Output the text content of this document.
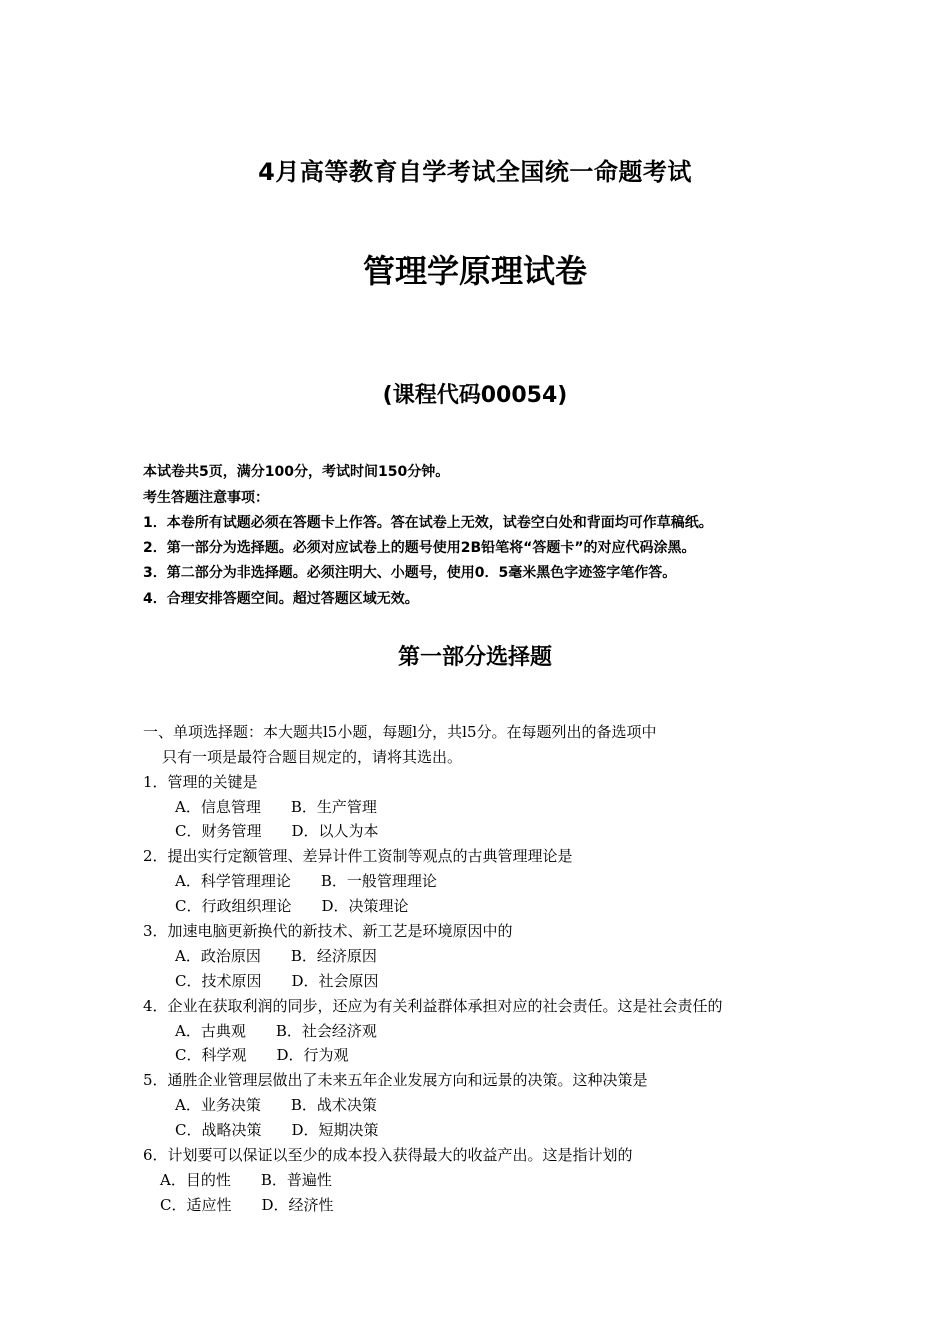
4月高等教育自学考试全国统一命题考试
管理学原理试卷
(课程代码00054)
本试卷共5页，满分100分，考试时间150分钟。
考生答题注意事项：
1．本卷所有试题必须在答题卡上作答。答在试卷上无效，试卷空白处和背面均可作草稿纸。
2．第一部分为选择题。必须对应试卷上的题号使用2B铅笔将“答题卡”的对应代码涂黑。
3．第二部分为非选择题。必须注明大、小题号，使用0．5毫米黑色字迹签字笔作答。
4．合理安排答题空间。超过答题区域无效。
第一部分选择题
一、单项选择题：本大题共l5小题，每题l分，共l5分。在每题列出的备选项中
只有一项是最符合题目规定的，请将其选出。
1．管理的关键是
A．信息管理 B．生产管理
C．财务管理 D．以人为本
2．提出实行定额管理、差异计件工资制等观点的古典管理理论是
A．科学管理理论 B．一般管理理论
C．行政组织理论 D．决策理论
3．加速电脑更新换代的新技术、新工艺是环境原因中的
A．政治原因 B．经济原因
C．技术原因 D．社会原因
4．企业在获取利润的同步，还应为有关利益群体承担对应的社会责任。这是社会责任的
A．古典观 B．社会经济观
C．科学观 D．行为观
5．通胜企业管理层做出了未来五年企业发展方向和远景的决策。这种决策是
A．业务决策 B．战术决策
C．战略决策 D．短期决策
6．计划要可以保证以至少的成本投入获得最大的收益产出。这是指计划的
A．目的性 B．普遍性
C．适应性 D．经济性
